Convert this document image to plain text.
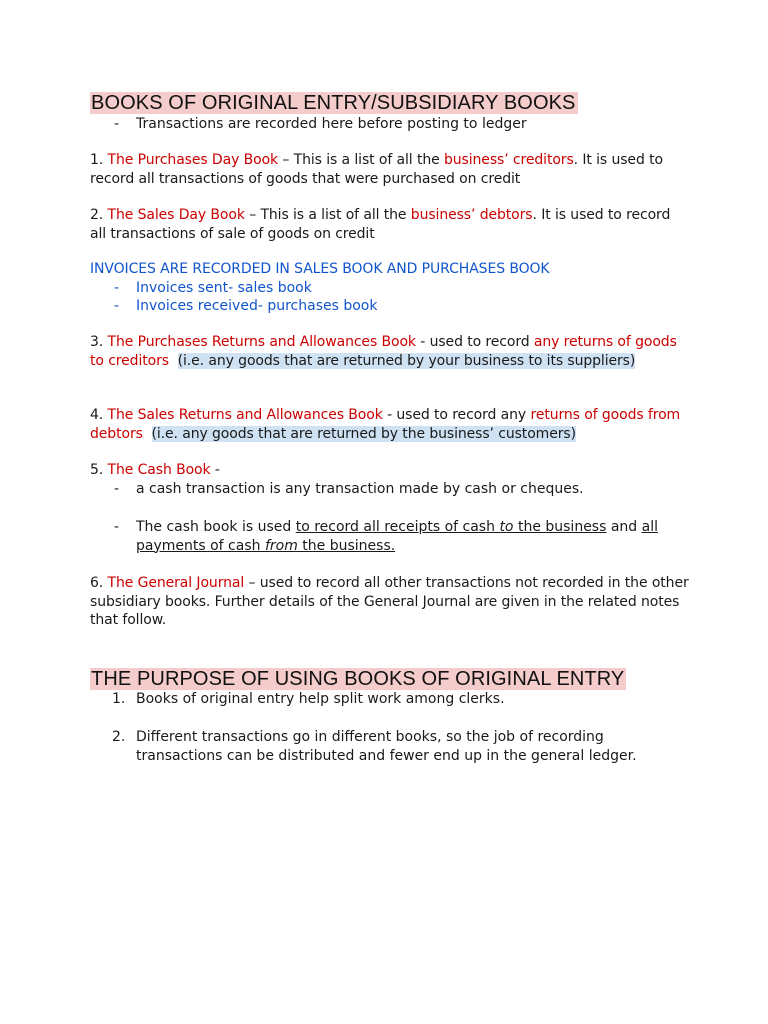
BOOKS OF ORIGINAL ENTRY/SUBSIDIARY BOOKS
- Transactions are recorded here before posting to ledger

1. The Purchases Day Book – This is a list of all the business’ creditors. It is used to record all transactions of goods that were purchased on credit

2. The Sales Day Book – This is a list of all the business’ debtors. It is used to record all transactions of sale of goods on credit

INVOICES ARE RECORDED IN SALES BOOK AND PURCHASES BOOK

- Invoices sent- sales book
- Invoices received- purchases book

3. The Purchases Returns and Allowances Book - used to record any returns of goods to creditors (i.e. any goods that are returned by your business to its suppliers)

4. The Sales Returns and Allowances Book - used to record any returns of goods from debtors (i.e. any goods that are returned by the business’ customers)

5. The Cash Book -

- a cash transaction is any transaction made by cash or cheques.
- The cash book is used to record all receipts of cash to the business and all payments of cash from the business.

6. The General Journal – used to record all other transactions not recorded in the other subsidiary books. Further details of the General Journal are given in the related notes that follow.

THE PURPOSE OF USING BOOKS OF ORIGINAL ENTRY
1. Books of original entry help split work among clerks.
2. Different transactions go in different books, so the job of recording transactions can be distributed and fewer end up in the general ledger.
